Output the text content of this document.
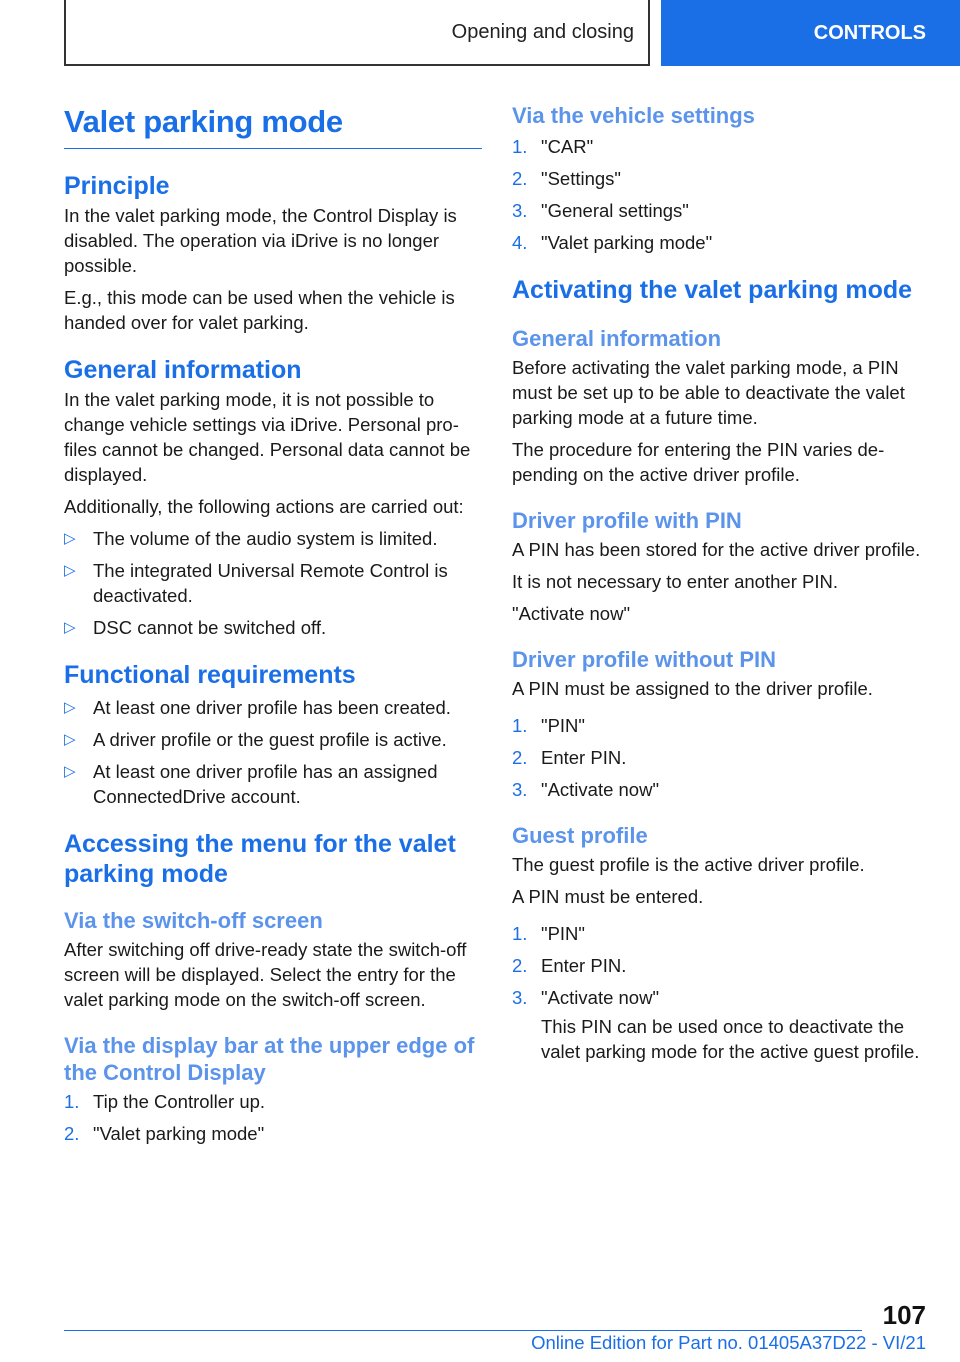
Opening and closing	CONTROLS
Valet parking mode
Principle

In the valet parking mode, the Control Display is disabled. The operation via iDrive is no longer possible.

E.g., this mode can be used when the vehicle is handed over for valet parking.

General information

In the valet parking mode, it is not possible to change vehicle settings via iDrive. Personal profiles cannot be changed. Personal data cannot be displayed.

Additionally, the following actions are carried out:

▷ The volume of the audio system is limited.
▷ The integrated Universal Remote Control is deactivated.
▷ DSC cannot be switched off.
Functional requirements
▷ At least one driver profile has been created.
▷ A driver profile or the guest profile is active.
▷ At least one driver profile has an assigned ConnectedDrive account.
Accessing the menu for the valet parking mode
Via the switch-off screen

After switching off drive-ready state the switch-off screen will be displayed. Select the entry for the valet parking mode on the switch-off screen.

Via the display bar at the upper edge of the Control Display
1. Tip the Controller up.
2. "Valet parking mode"
Via the vehicle settings
1. "CAR"
2. "Settings"
3. "General settings"
4. "Valet parking mode"
Activating the valet parking mode
General information

Before activating the valet parking mode, a PIN must be set up to be able to deactivate the valet parking mode at a future time.

The procedure for entering the PIN varies depending on the active driver profile.

Driver profile with PIN

A PIN has been stored for the active driver profile.

It is not necessary to enter another PIN.

"Activate now"

Driver profile without PIN

A PIN must be assigned to the driver profile.

1. "PIN"
2. Enter PIN.
3. "Activate now"
Guest profile

The guest profile is the active driver profile.

A PIN must be entered.

1. "PIN"
2. Enter PIN.
3. "Activate now"

This PIN can be used once to deactivate the valet parking mode for the active guest profile.

107
Online Edition for Part no. 01405A37D22 - VI/21
